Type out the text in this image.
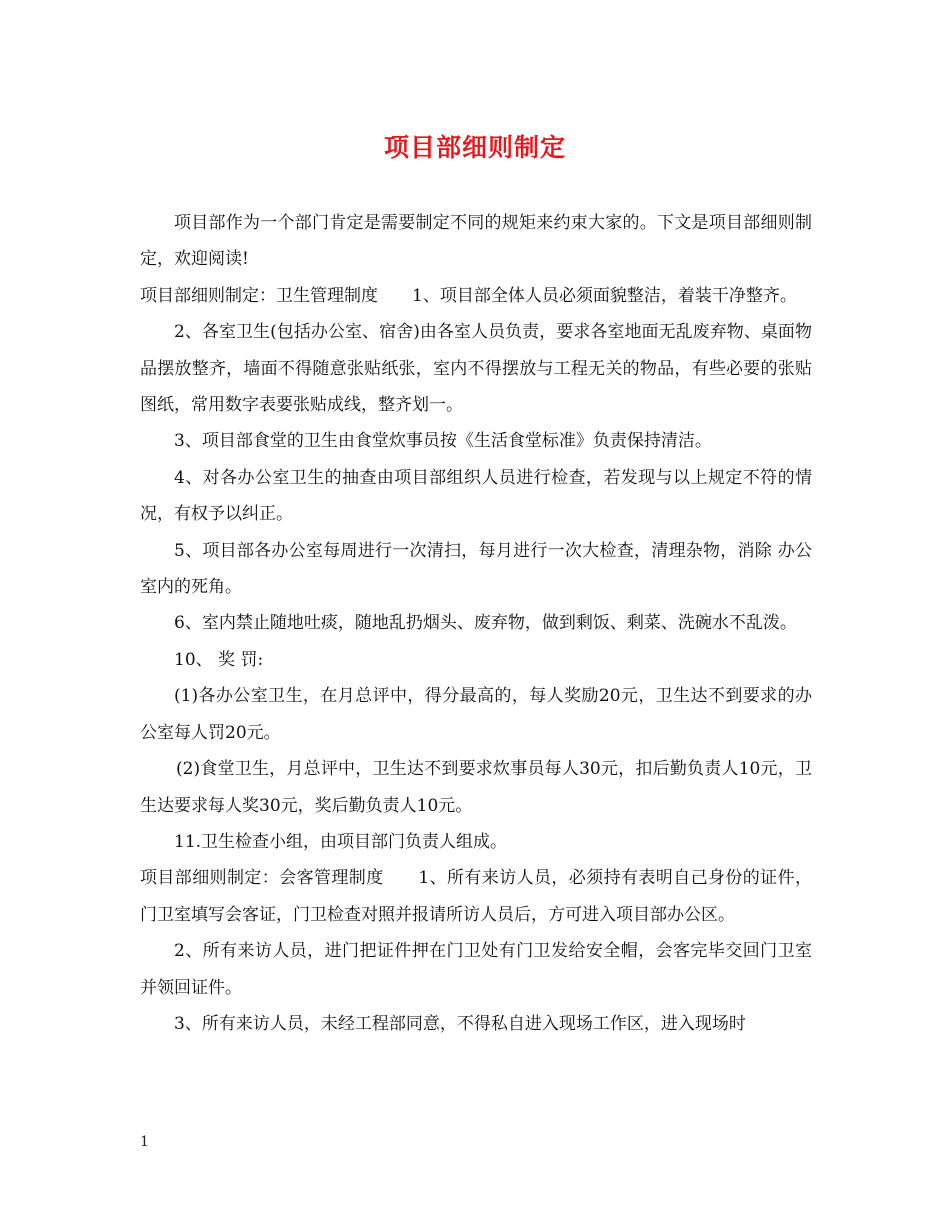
项目部细则制定

项目部作为一个部门肯定是需要制定不同的规矩来约束大家的。下文是项目部细则制定，欢迎阅读!

项目部细则制定：卫生管理制度　　1、项目部全体人员必须面貌整洁，着装干净整齐。

2、各室卫生(包括办公室、宿舍)由各室人员负责，要求各室地面无乱废弃物、桌面物品摆放整齐，墙面不得随意张贴纸张，室内不得摆放与工程无关的物品，有些必要的张贴图纸，常用数字表要张贴成线，整齐划一。

3、项目部食堂的卫生由食堂炊事员按《生活食堂标准》负责保持清洁。

4、对各办公室卫生的抽查由项目部组织人员进行检查，若发现与以上规定不符的情况，有权予以纠正。

5、项目部各办公室每周进行一次清扫，每月进行一次大检查，清理杂物，消除 办公室内的死角。

6、室内禁止随地吐痰，随地乱扔烟头、废弃物，做到剩饭、剩菜、洗碗水不乱泼。

10、 奖 罚:

(1)各办公室卫生，在月总评中，得分最高的，每人奖励20元，卫生达不到要求的办公室每人罚20元。

(2)食堂卫生，月总评中，卫生达不到要求炊事员每人30元，扣后勤负责人10元，卫生达要求每人奖30元，奖后勤负责人10元。

11.卫生检查小组，由项目部门负责人组成。

项目部细则制定：会客管理制度　　1、所有来访人员，必须持有表明自己身份的证件，门卫室填写会客证，门卫检查对照并报请所访人员后，方可进入项目部办公区。

2、所有来访人员，进门把证件押在门卫处有门卫发给安全帽，会客完毕交回门卫室并领回证件。

3、所有来访人员，未经工程部同意，不得私自进入现场工作区，进入现场时

1
